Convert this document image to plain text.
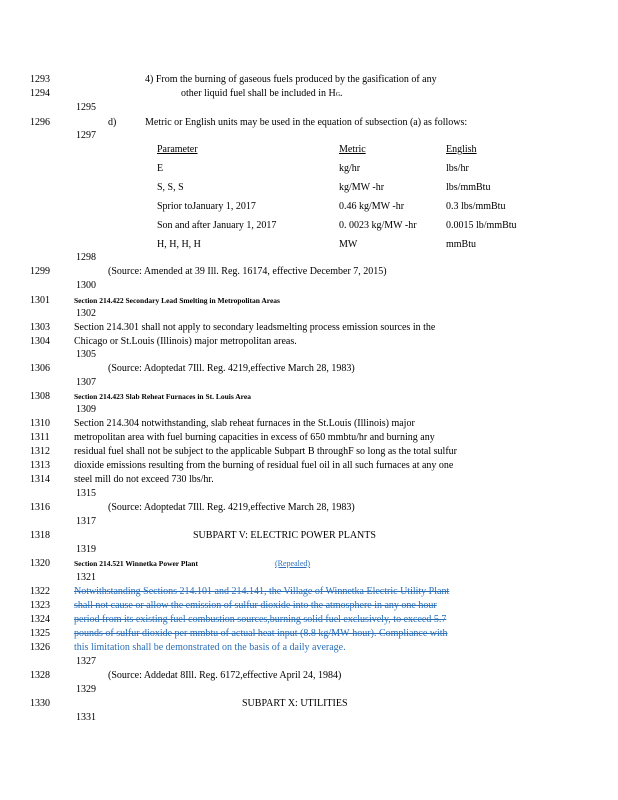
1293	4) From the burning of gaseous fuels produced by the gasification of any
1294	other liquid fuel shall be included in HG.
1295
1296	d)	Metric or English units may be used in the equation of subsection (a) as follows:
1297
Parameter	Metric	English
E	kg/hr	lbs/hr
S, S, S	kg/MW -hr	lbs/mmBtu
Sprior toJanuary 1, 2017	0.46 kg/MW -hr	0.3 lbs/mmBtu
Son and after January 1, 2017	0. 0023 kg/MW -hr	0.0015 lb/mmBtu
H, H, H, H	MW	mmBtu
1298
1299	(Source: Amended at 39 Ill. Reg. 16174, effective December 7, 2015)
1300
1301	Section 214.422 Secondary Lead Smelting in Metropolitan Areas
1302
1303 Section 214.301 shall not apply to secondary leadsmelting process emission sources in the
1304 Chicago or St.Louis (Illinois) major metropolitan areas.
1305
1306	(Source: Adoptedat 7Ill. Reg. 4219,effective March 28, 1983)
1307
1308	Section 214.423 Slab Reheat Furnaces in St. Louis Area
1309
1310 Section 214.304 notwithstanding, slab reheat furnaces in the St.Louis (Illinois) major
1311 metropolitan area with fuel burning capacities in excess of 650 mmbtu/hr and burning any
1312 residual fuel shall not be subject to the applicable Subpart B throughF so long as the total sulfur
1313 dioxide emissions resulting from the burning of residual fuel oil in all such furnaces at any one
1314 steel mill do not exceed 730 lbs/hr.
1315
1316	(Source: Adoptedat 7Ill. Reg. 4219,effective March 28, 1983)
1317
1318	SUBPART V: ELECTRIC POWER PLANTS
1319
1320	Section 214.521 Winnetka Power Plant	(Repealed)
1321
1322 Notwithstanding Sections 214.101 and 214.141, the Village of Winnetka Electric Utility Plant
1323 shall not cause or allow the emission of sulfur dioxide into the atmosphere in any one hour
1324 period from its existing fuel combustion sources,burning solid fuel exclusively, to exceed 5.7
1325 pounds of sulfur dioxide per mmbtu of actual heat input (8.8 kg/MW-hour). Compliance with
1326 this limitation shall be demonstrated on the basis of a daily average.
1327
1328	(Source: Addedat 8Ill. Reg. 6172,effective April 24, 1984)
1329
1330	SUBPART X: UTILITIES
1331
